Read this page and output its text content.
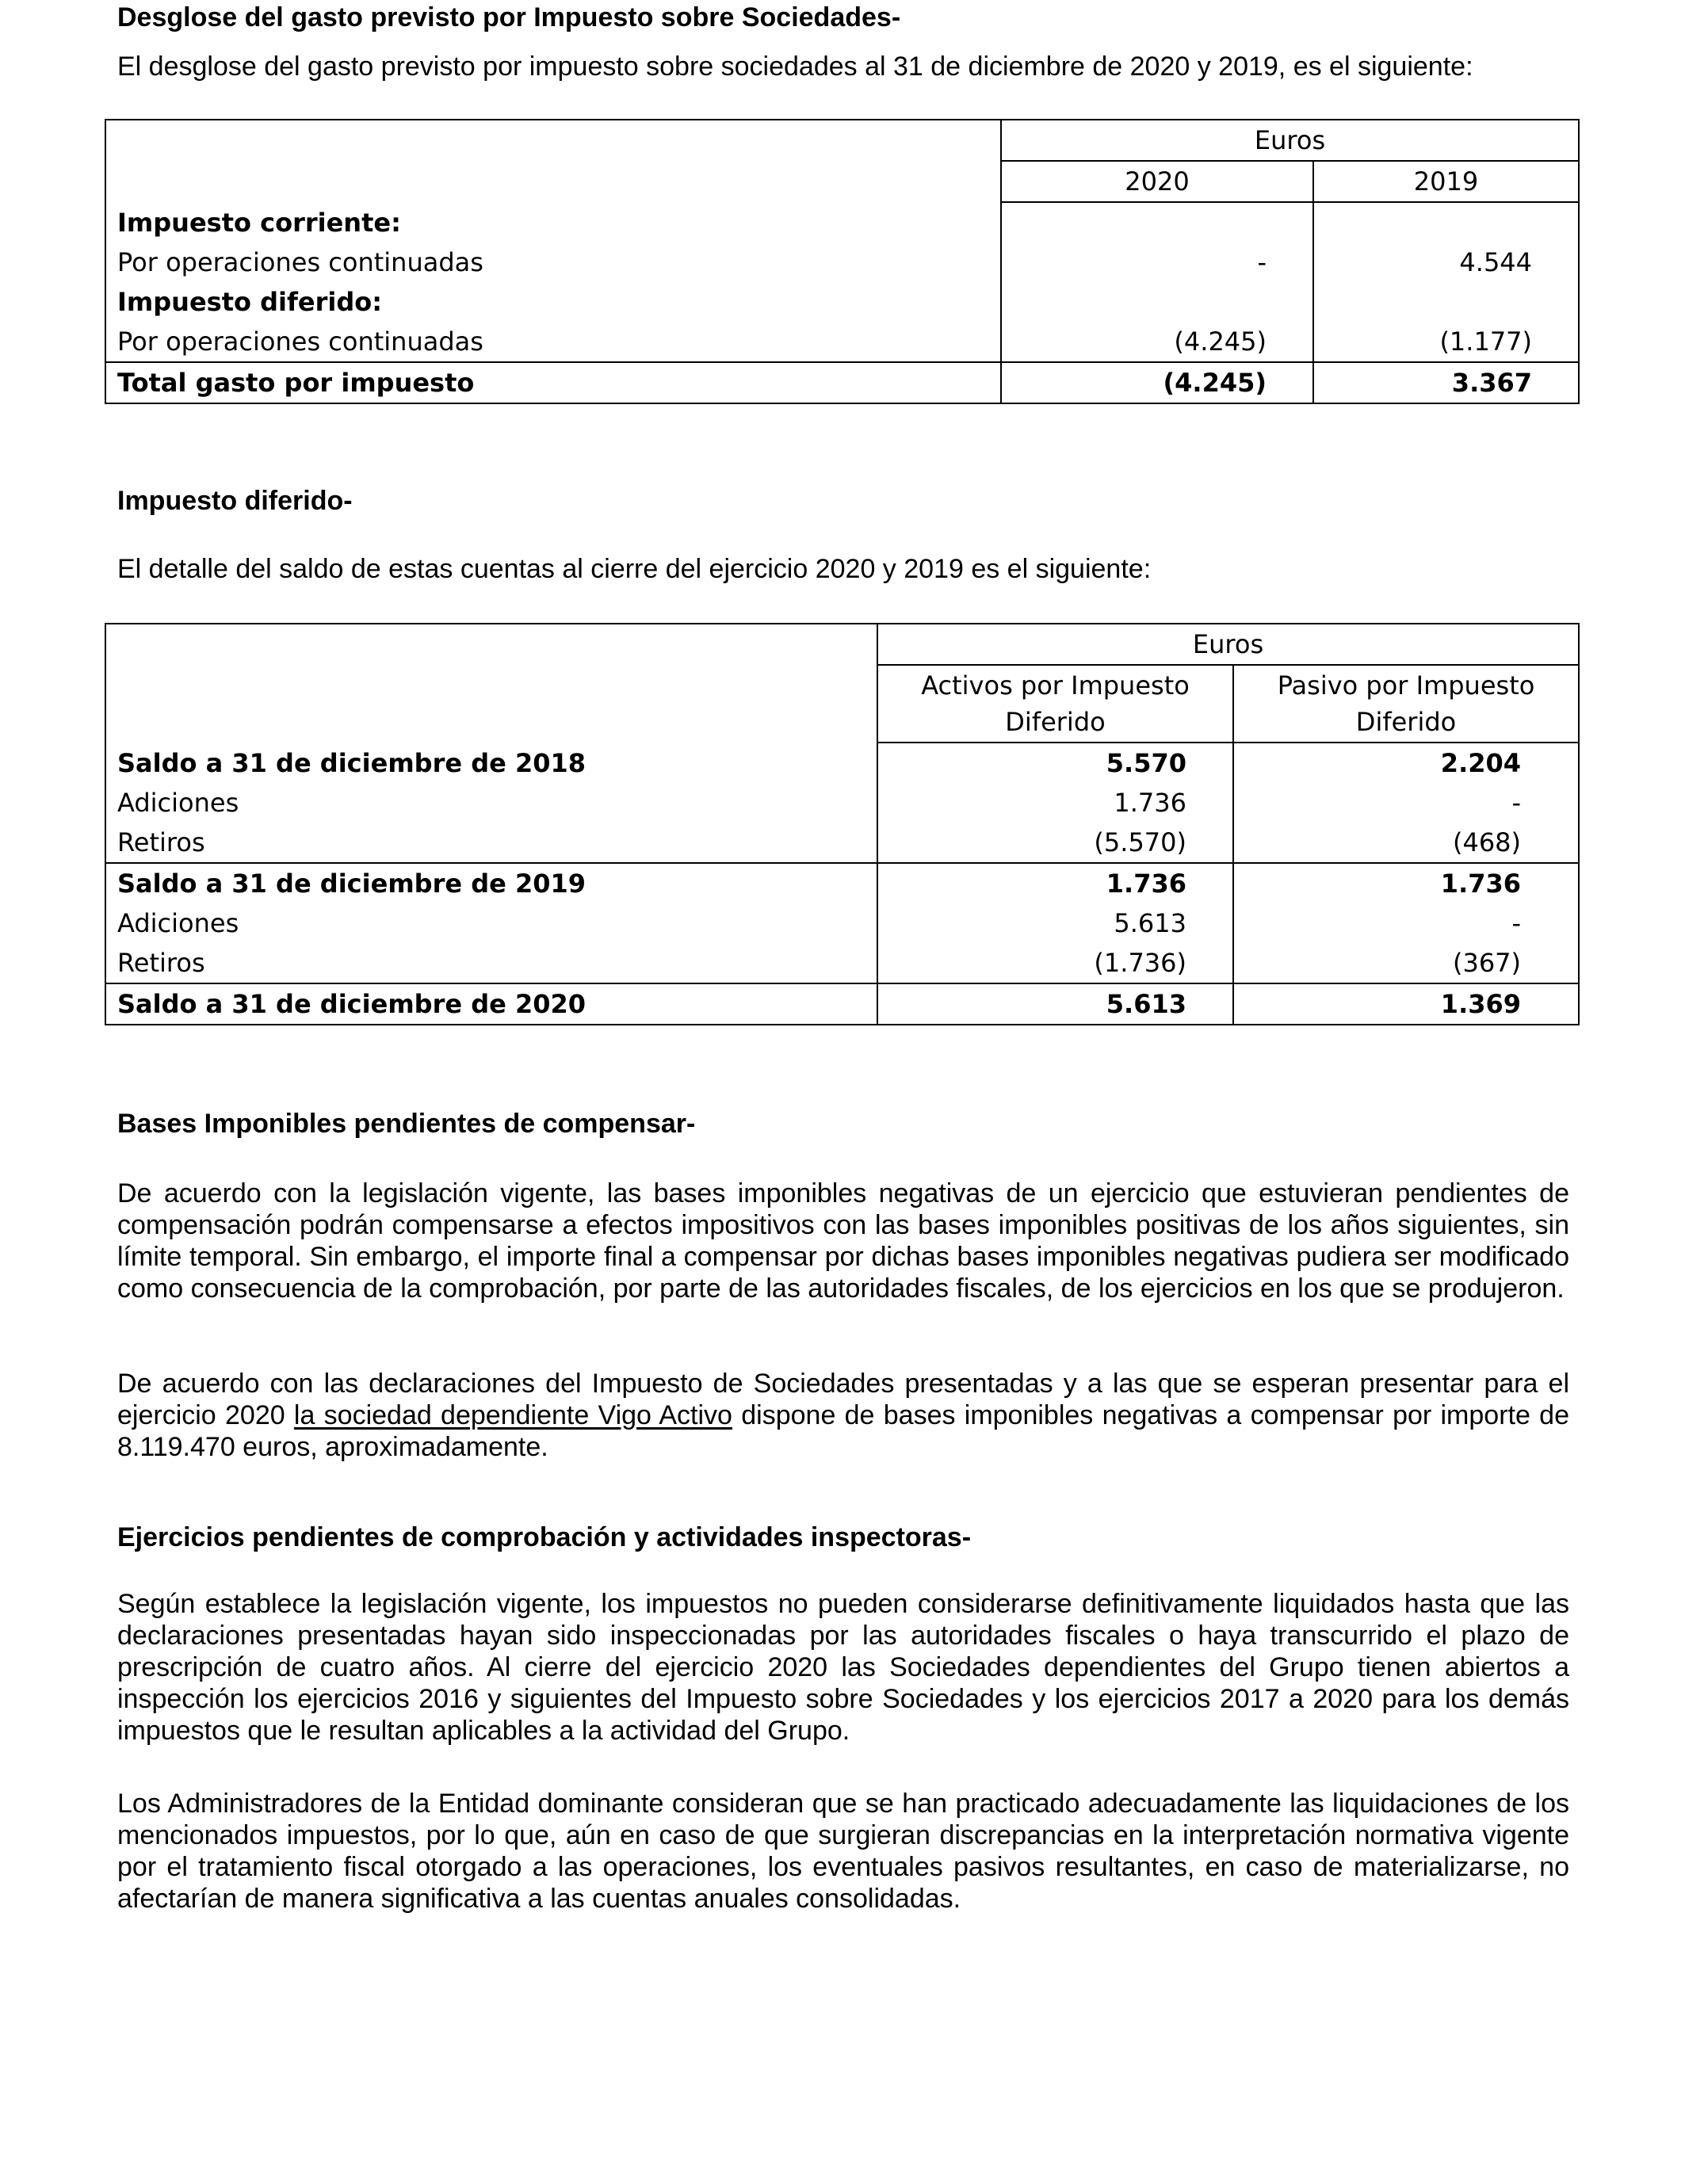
Desglose del gasto previsto por Impuesto sobre Sociedades-
El desglose del gasto previsto por impuesto sobre sociedades al 31 de diciembre de 2020 y 2019, es el siguiente:
	Euros	
	2020	2019
Impuesto corriente:		
Por operaciones continuadas	-	4.544
Impuesto diferido:		
Por operaciones continuadas	(4.245)	(1.177)
Total gasto por impuesto	(4.245)	3.367
Impuesto diferido-
El detalle del saldo de estas cuentas al cierre del ejercicio 2020 y 2019 es el siguiente:
	Euros	
	Activos por Impuesto Diferido	Pasivo por Impuesto Diferido
Saldo a 31 de diciembre de 2018	5.570	2.204
Adiciones	1.736	-
Retiros	(5.570)	(468)
Saldo a 31 de diciembre de 2019	1.736	1.736
Adiciones	5.613	-
Retiros	(1.736)	(367)
Saldo a 31 de diciembre de 2020	5.613	1.369
Bases Imponibles pendientes de compensar-

De acuerdo con la legislación vigente, las bases imponibles negativas de un ejercicio que estuvieran pendientes de compensación podrán compensarse a efectos impositivos con las bases imponibles positivas de los años siguientes, sin límite temporal. Sin embargo, el importe final a compensar por dichas bases imponibles negativas pudiera ser modificado como consecuencia de la comprobación, por parte de las autoridades fiscales, de los ejercicios en los que se produjeron.

De acuerdo con las declaraciones del Impuesto de Sociedades presentadas y a las que se esperan presentar para el ejercicio 2020 la sociedad dependiente Vigo Activo dispone de bases imponibles negativas a compensar por importe de 8.119.470 euros, aproximadamente.

Ejercicios pendientes de comprobación y actividades inspectoras-

Según establece la legislación vigente, los impuestos no pueden considerarse definitivamente liquidados hasta que las declaraciones presentadas hayan sido inspeccionadas por las autoridades fiscales o haya transcurrido el plazo de prescripción de cuatro años. Al cierre del ejercicio 2020 las Sociedades dependientes del Grupo tienen abiertos a inspección los ejercicios 2016 y siguientes del Impuesto sobre Sociedades y los ejercicios 2017 a 2020 para los demás impuestos que le resultan aplicables a la actividad del Grupo.

Los Administradores de la Entidad dominante consideran que se han practicado adecuadamente las liquidaciones de los mencionados impuestos, por lo que, aún en caso de que surgieran discrepancias en la interpretación normativa vigente por el tratamiento fiscal otorgado a las operaciones, los eventuales pasivos resultantes, en caso de materializarse, no afectarían de manera significativa a las cuentas anuales consolidadas.
